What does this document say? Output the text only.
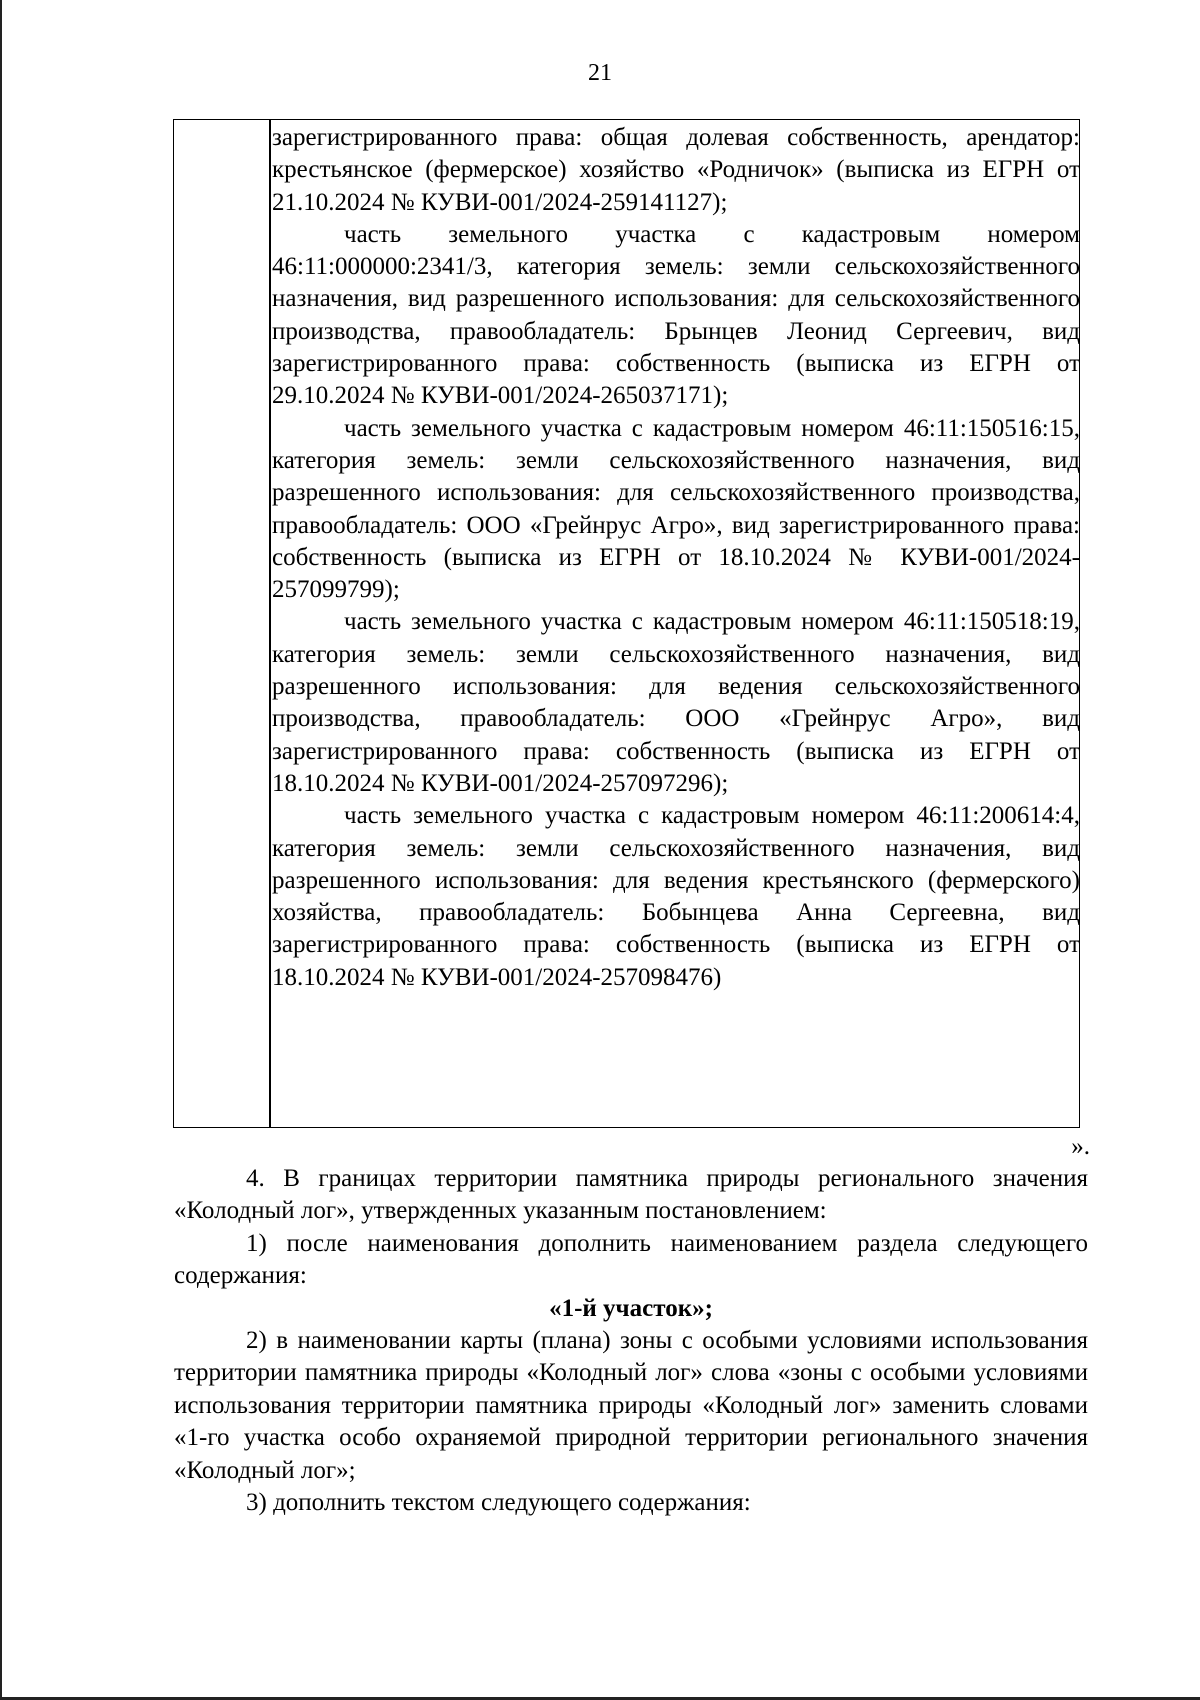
21

зарегистрированного права: общая долевая собственность, арендатор: крестьянское (фермерское) хозяйство «Родничок» (выписка из ЕГРН от 21.10.2024 № КУВИ-001/2024-259141127);

часть земельного участка с кадастровым номером 46:11:000000:2341/3, категория земель: земли сельскохозяйственного назначения, вид разрешенного использования: для сельскохозяйственного производства, правообладатель: Брынцев Леонид Сергеевич, вид зарегистрированного права: собственность (выписка из ЕГРН от 29.10.2024 № КУВИ-001/2024-265037171);

часть земельного участка с кадастровым номером 46:11:150516:15, категория земель: земли сельскохозяйственного назначения, вид разрешенного использования: для сельскохозяйственного производства, правообладатель: ООО «Грейнрус Агро», вид зарегистрированного права: собственность (выписка из ЕГРН от 18.10.2024 № КУВИ-001/2024-257099799);

часть земельного участка с кадастровым номером 46:11:150518:19, категория земель: земли сельскохозяйственного назначения, вид разрешенного использования: для ведения сельскохозяйственного производства, правообладатель: ООО «Грейнрус Агро», вид зарегистрированного права: собственность (выписка из ЕГРН от 18.10.2024 № КУВИ-001/2024-257097296);

часть земельного участка с кадастровым номером 46:11:200614:4, категория земель: земли сельскохозяйственного назначения, вид разрешенного использования: для ведения крестьянского (фермерского) хозяйства, правообладатель: Бобынцева Анна Сергеевна, вид зарегистрированного права: собственность (выписка из ЕГРН от 18.10.2024 № КУВИ-001/2024-257098476)

».

4. В границах территории памятника природы регионального значения «Колодный лог», утвержденных указанным постановлением:

1) после наименования дополнить наименованием раздела следующего содержания:

«1-й участок»;

2) в наименовании карты (плана) зоны с особыми условиями использования территории памятника природы «Колодный лог» слова «зоны с особыми условиями использования территории памятника природы «Колодный лог» заменить словами «1-го участка особо охраняемой природной территории регионального значения «Колодный лог»;

3) дополнить текстом следующего содержания:
